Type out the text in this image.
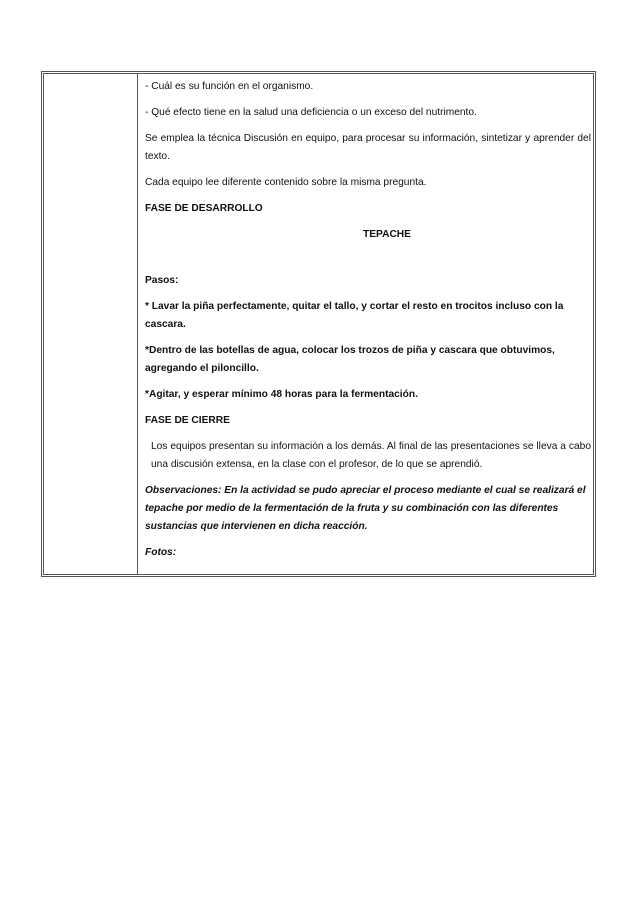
- Cuál es su función en el organismo.

- Qué efecto tiene en la salud una deficiencia o un exceso del nutrimento.

Se emplea la técnica Discusión en equipo, para procesar su información, sintetizar y aprender del texto.

Cada equipo lee diferente contenido sobre la misma pregunta.

FASE DE DESARROLLO

TEPACHE

Pasos:

* Lavar la piña perfectamente, quitar el tallo, y cortar el resto en trocitos incluso con la cascara.

*Dentro de las botellas de agua, colocar los trozos de piña y cascara que obtuvimos, agregando el piloncillo.

*Agitar, y esperar mínimo 48 horas para la fermentación.

FASE DE CIERRE

Los equipos presentan su información a los demás. Al final de las presentaciones se lleva a cabo una discusión extensa, en la clase con el profesor, de lo que se aprendió.

Observaciones: En la actividad se pudo apreciar el proceso mediante el cual se realizará el tepache por medio de la fermentación de la fruta y su combinación con las diferentes sustancias que intervienen en dicha reacción.

Fotos:
